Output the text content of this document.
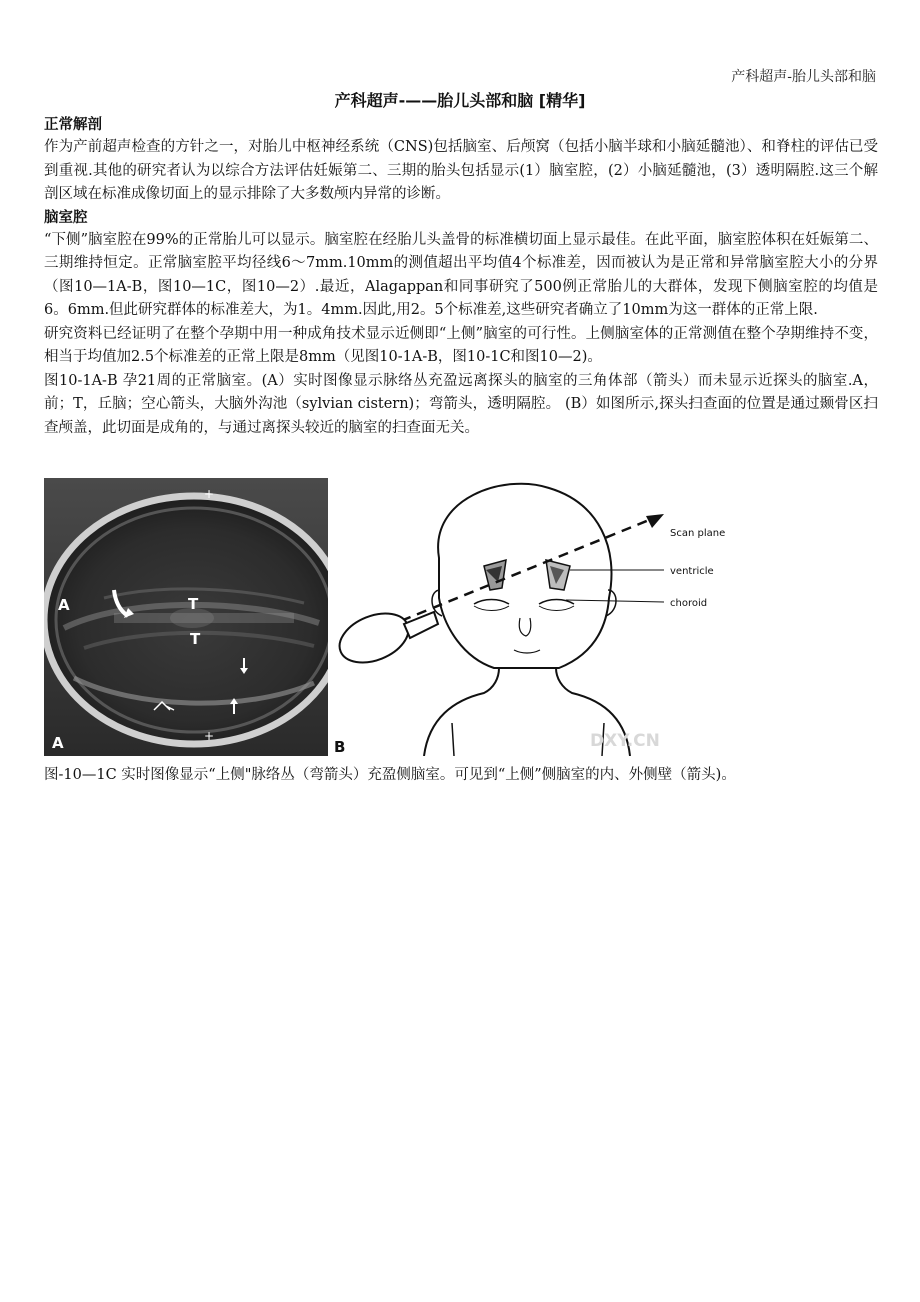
产科超声-胎儿头部和脑
产科超声-——胎儿头部和脑 [精华]
正常解剖

作为产前超声检查的方针之一，对胎儿中枢神经系统（CNS)包括脑室、后颅窝（包括小脑半球和小脑延髓池）、和脊柱的评估已受到重视.其他的研究者认为以综合方法评估妊娠第二、三期的胎头包括显示(1）脑室腔，(2）小脑延髓池，(3）透明隔腔.这三个解剖区域在标准成像切面上的显示排除了大多数颅内异常的诊断。

脑室腔

“下侧”脑室腔在99%的正常胎儿可以显示。脑室腔在经胎儿头盖骨的标准横切面上显示最佳。在此平面，脑室腔体积在妊娠第二、三期维持恒定。正常脑室腔平均径线6～7mm.10mm的测值超出平均值4个标准差，因而被认为是正常和异常脑室腔大小的分界（图10—1A-B，图10—1C，图10—2）.最近，Alagappan和同事研究了500例正常胎儿的大群体，发现下侧脑室腔的均值是6。6mm.但此研究群体的标准差大，为1。4mm.因此,用2。5个标准差,这些研究者确立了10mm为这一群体的正常上限.

研究资料已经证明了在整个孕期中用一种成角技术显示近侧即“上侧”脑室的可行性。上侧脑室体的正常测值在整个孕期维持不变，相当于均值加2.5个标准差的正常上限是8mm（见图10-1A-B，图10-1C和图10—2)。

图10-1A-B 孕21周的正常脑室。(A）实时图像显示脉络丛充盈远离探头的脑室的三角体部（箭头）而未显示近探头的脑室.A，前；T，丘脑；空心箭头，大脑外沟池（sylvian cistern)；弯箭头，透明隔腔。 (B）如图所示,探头扫查面的位置是通过颞骨区扫查颅盖，此切面是成角的，与通过离探头较近的脑室的扫查面无关。

+
+
A	T
T
A
Scan plane
ventricle
choroid
DXY.CN
B
图-10—1C 实时图像显示“上侧"脉络丛（弯箭头）充盈侧脑室。可见到“上侧”侧脑室的内、外侧壁（箭头)。
